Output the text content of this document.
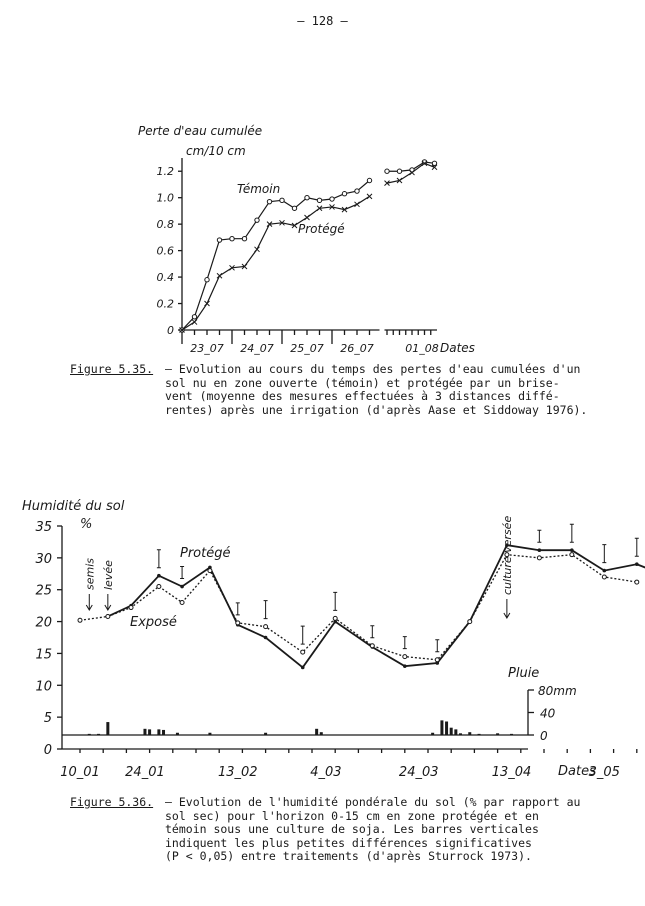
— 128 —
0
0.2
0.4
0.6
0.8
1.0
1.2
23_07 24_07 25_07 26_07	01_08
Perte d'eau cumulée
cm/10 cm
Dates
Témoin
Protégé
Figure 5.35. – Evolution au cours du temps des pertes d'eau cumulées d'un
sol nu en zone ouverte (témoin) et protégée par un brise-
vent (moyenne des mesures effectuées à 3 distances diffé-
rentes) après une irrigation (d'après Aase et Siddoway 1976).
0
5
10
15
20
25
30
35
10_01 24_01	13_02	4_03	24_03	13_04	3_05
40
0
semis levée	culture versée
Humidité du sol
%
Dates
Protégé
Exposé
Pluie
80mm
Figure 5.36. – Evolution de l'humidité pondérale du sol (% par rapport au
sol sec) pour l'horizon 0-15 cm en zone protégée et en
témoin sous une culture de soja. Les barres verticales
indiquent les plus petites différences significatives
(P < 0,05) entre traitements (d'après Sturrock 1973).
